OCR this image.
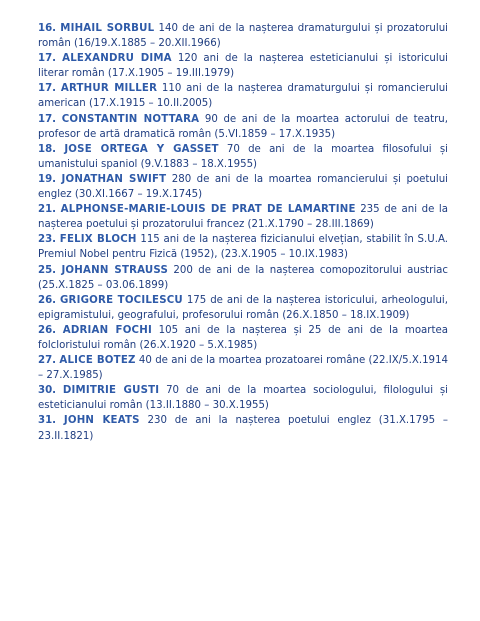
16. MIHAIL SORBUL 140 de ani de la nașterea dramaturgului și prozatorului român (16/19.X.1885 – 20.XII.1966)

17. ALEXANDRU DIMA 120 ani de la nașterea esteticianului și istoricului literar român (17.X.1905 – 19.III.1979)

17. ARTHUR MILLER 110 ani de la nașterea dramaturgului și romancierului american (17.X.1915 – 10.II.2005)

17. CONSTANTIN NOTTARA 90 de ani de la moartea actorului de teatru, profesor de artă dramatică român (5.VI.1859 – 17.X.1935)

18. JOSE ORTEGA Y GASSET 70 de ani de la moartea filosofului și umanistului spaniol (9.V.1883 – 18.X.1955)

19. JONATHAN SWIFT 280 de ani de la moartea romancierului și poetului englez (30.XI.1667 – 19.X.1745)

21. ALPHONSE-MARIE-LOUIS DE PRAT DE LAMARTINE 235 de ani de la nașterea poetului și prozatorului francez (21.X.1790 – 28.III.1869)

23. FELIX BLOCH 115 ani de la nașterea fizicianului elvețian, stabilit în S.U.A. Premiul Nobel pentru Fizică (1952), (23.X.1905 – 10.IX.1983)

25. JOHANN STRAUSS 200 de ani de la nașterea comopozitorului austriac (25.X.1825 – 03.06.1899)

26. GRIGORE TOCILESCU 175 de ani de la nașterea istoricului, arheologului, epigramistului, geografului, profesorului român (26.X.1850 – 18.IX.1909)

26. ADRIAN FOCHI 105 ani de la nașterea și 25 de ani de la moartea folcloristului român (26.X.1920 – 5.X.1985)

27. ALICE BOTEZ 40 de ani de la moartea prozatoarei române (22.IX/5.X.1914 – 27.X.1985)

30. DIMITRIE GUSTI 70 de ani de la moartea sociologului, filologului și esteticianului român (13.II.1880 – 30.X.1955)

31. JOHN KEATS 230 de ani la nașterea poetului englez (31.X.1795 – 23.II.1821)
